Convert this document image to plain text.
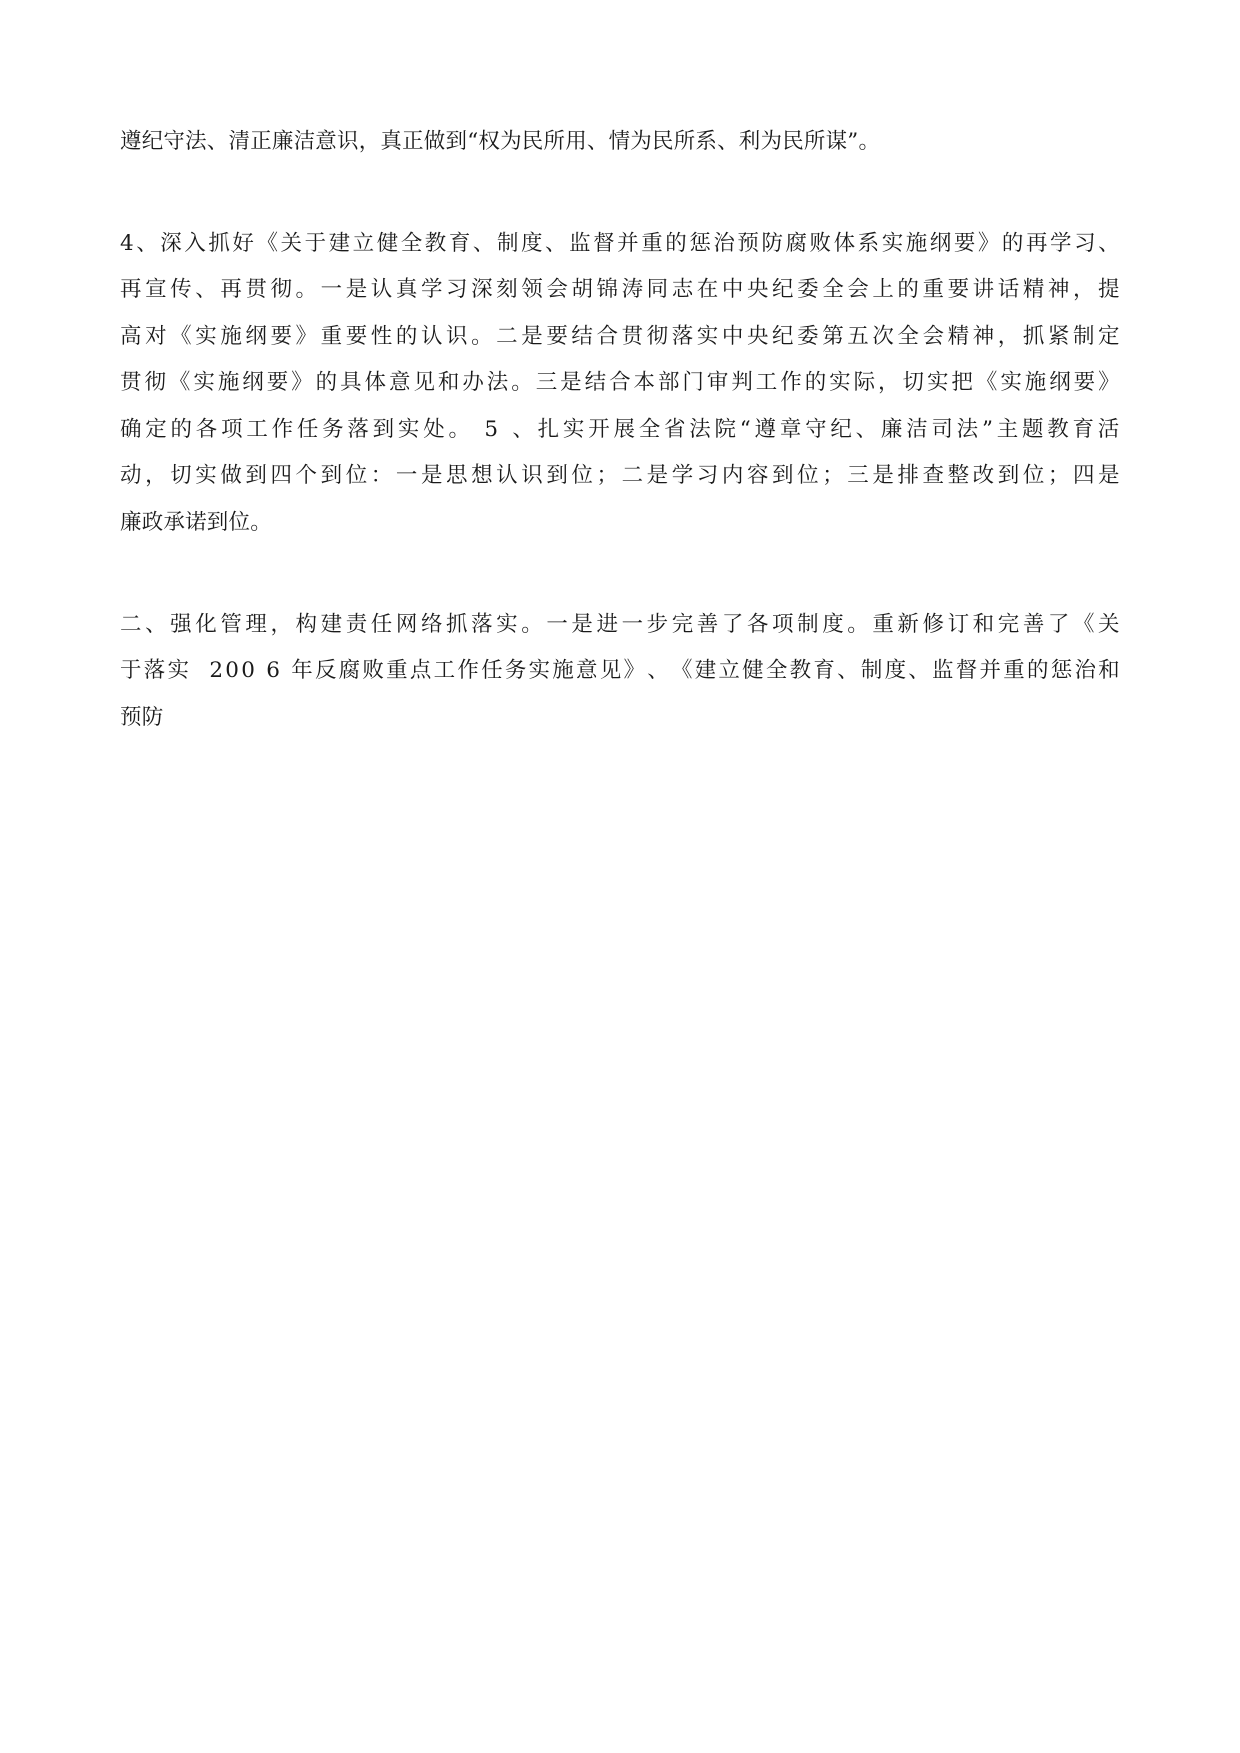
遵纪守法、清正廉洁意识，真正做到“权为民所用、情为民所系、利为民所谋”。
4 、 深 入 抓 好 《 关 于 建 立 健 全 教 育 、 制 度 、 监 督 并 重 的 惩 治 预 防 腐 败 体 系 实 施 纲 要 》 的 再 学 习 、
再 宣 传 、 再 贯 彻 。 一 是 认 真 学 习 深 刻 领 会 胡 锦 涛 同 志 在 中 央 纪 委 全 会 上 的 重 要 讲 话 精 神 ， 提
高 对 《 实 施 纲 要 》 重 要 性 的 认 识 。 二 是 要 结 合 贯 彻 落 实 中 央 纪 委 第 五 次 全 会 精 神 ， 抓 紧 制 定
贯 彻 《 实 施 纲 要 》 的 具 体 意 见 和 办 法 。 三 是 结 合 本 部 门 审 判 工 作 的 实 际 ， 切 实 把 《 实 施 纲 要 》
确 定 的 各 项 工 作 任 务 落 到 实 处 。
5
、 扎 实 开 展 全 省 法 院 “ 遵 章 守 纪 、 廉 洁 司 法 ” 主 题 教 育 活
动 ， 切 实 做 到 四 个 到 位 ： 一 是 思 想 认 识 到 位 ； 二 是 学 习 内 容 到 位 ； 三 是 排 查 整 改 到 位 ； 四 是
廉政承诺到位。
二 、 强 化 管 理 ， 构 建 责 任 网 络 抓 落 实 。 一 是 进 一 步 完 善 了 各 项 制 度 。 重 新 修 订 和 完 善 了 《 关
于 落 实

2 0 0
6
年 反 腐 败 重 点 工 作 任 务 实 施 意 见 》 、 《 建 立 健 全 教 育 、 制 度 、 监 督 并 重 的 惩 治 和
预防
